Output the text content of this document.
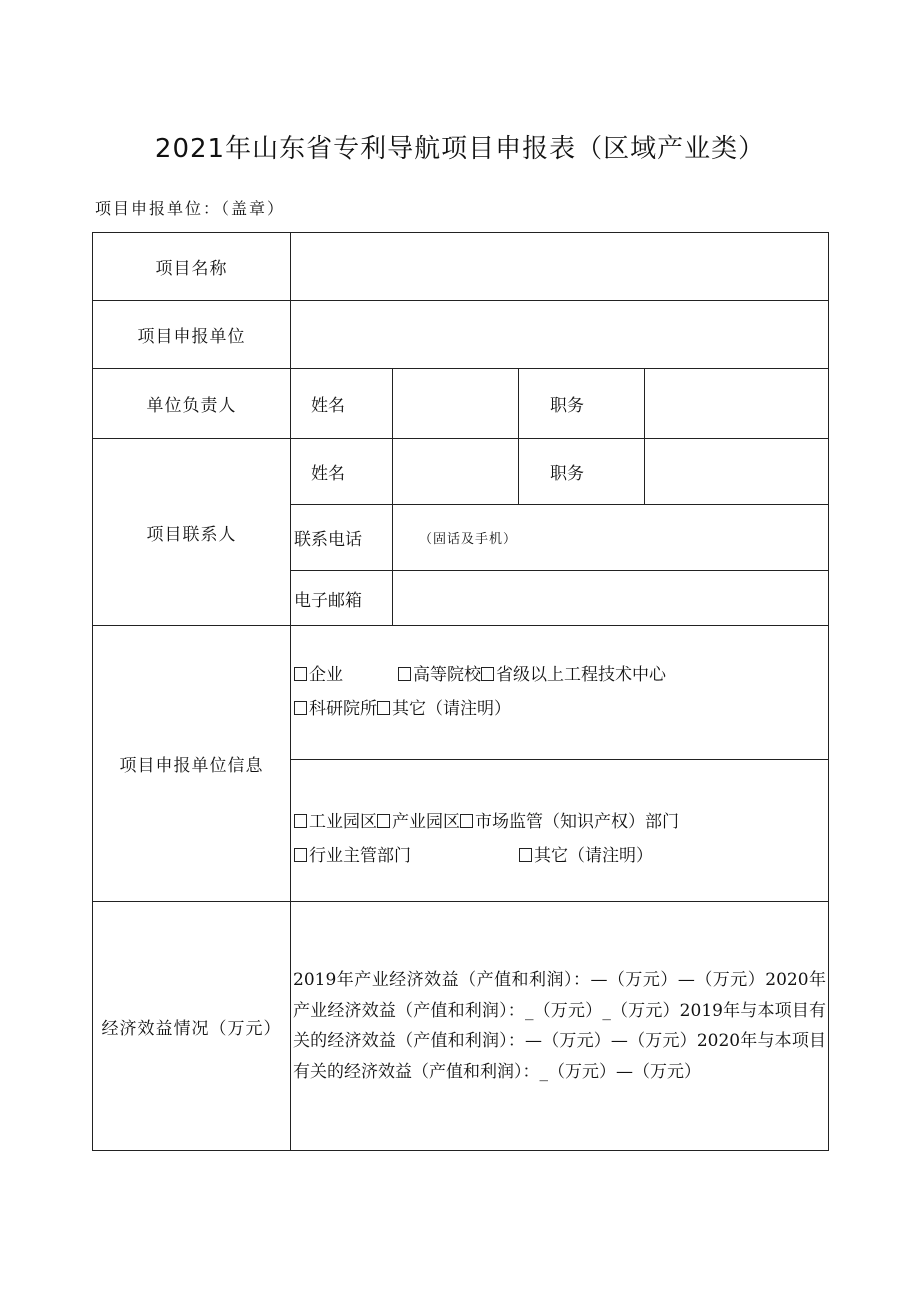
2021年山东省专利导航项目申报表（区域产业类）
项目申报单位：（盖章）
项目名称				
项目申报单位				
单位负责人	姓名		职务	
项目联系人	姓名		职务	
	联系电话	（固话及手机）		
	电子邮箱			
项目申报单位信息	企业 高等院校 省级以上工程技术中心
科研院所 其它（请注明）			

	工业园区 产业园区 市场监管（知识产权）部门
行业主管部门 其它（请注明）			

经济效益情况（万元）	2019年产业经济效益（产值和利润）：—（万元）—（万元）2020年产业经济效益（产值和利润）：_（万元）_（万元）2019年与本项目有关的经济效益（产值和利润）：—（万元）—（万元）2020年与本项目有关的经济效益（产值和利润）：_（万元）—（万元）			
